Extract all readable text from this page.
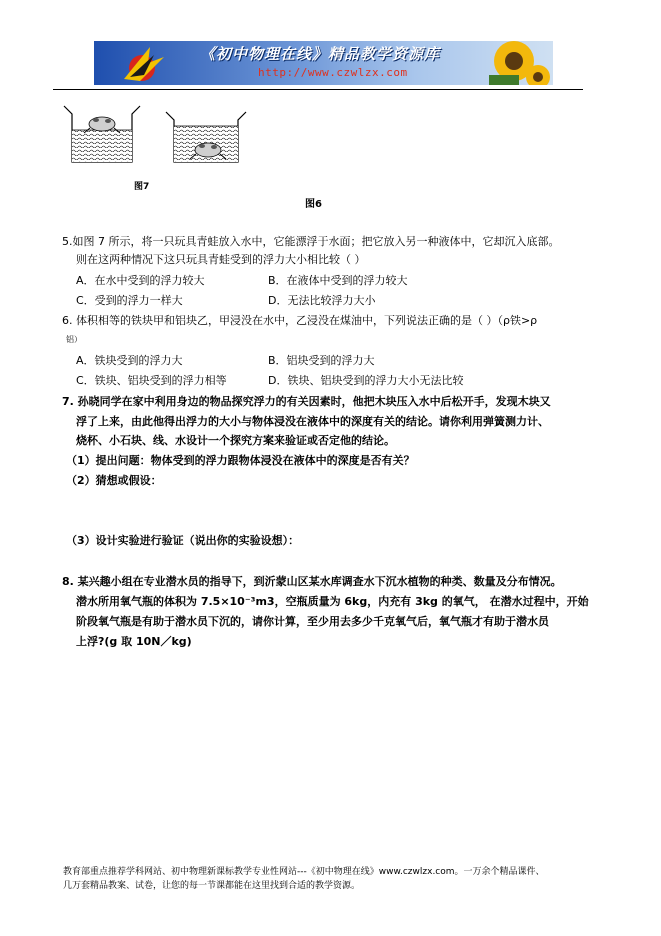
《初中物理在线》精品教学资源库
http://www.czwlzx.com
图7
图6
5.如图 7 所示，将一只玩具青蛙放入水中，它能漂浮于水面；把它放入另一种液体中，它却沉入底部。
则在这两种情况下这只玩具青蛙受到的浮力大小相比较（ ）
A．在水中受到的浮力较大	B．在液体中受到的浮力较大
C．受到的浮力一样大	D．无法比较浮力大小
6. 体积相等的铁块甲和铝块乙，甲浸没在水中，乙浸没在煤油中，下列说法正确的是（ ）（ρ铁>ρ
铝）
A．铁块受到的浮力大	B．铝块受到的浮力大
C．铁块、铝块受到的浮力相等	D．铁块、铝块受到的浮力大小无法比较
7. 孙晓同学在家中利用身边的物品探究浮力的有关因素时，他把木块压入水中后松开手，发现木块又
浮了上来，由此他得出浮力的大小与物体浸没在液体中的深度有关的结论。请你利用弹簧测力计、
烧杯、小石块、线、水设计一个探究方案来验证或否定他的结论。
（1）提出问题：物体受到的浮力跟物体浸没在液体中的深度是否有关？
（2）猜想或假设：
（3）设计实验进行验证（说出你的实验设想）：
8. 某兴趣小组在专业潜水员的指导下，到沂蒙山区某水库调查水下沉水植物的种类、数量及分布情况。
潜水所用氧气瓶的体积为 7.5×10⁻³m3，空瓶质量为 6kg，内充有 3kg 的氧气， 在潜水过程中，开始
阶段氧气瓶是有助于潜水员下沉的，请你计算，至少用去多少千克氧气后，氧气瓶才有助于潜水员
上浮?(g 取 10N／kg)
教育部重点推荐学科网站、初中物理新课标教学专业性网站---《初中物理在线》www.czwlzx.com。一万余个精品课件、
几万套精品教案、试卷，让您的每一节课都能在这里找到合适的教学资源。
